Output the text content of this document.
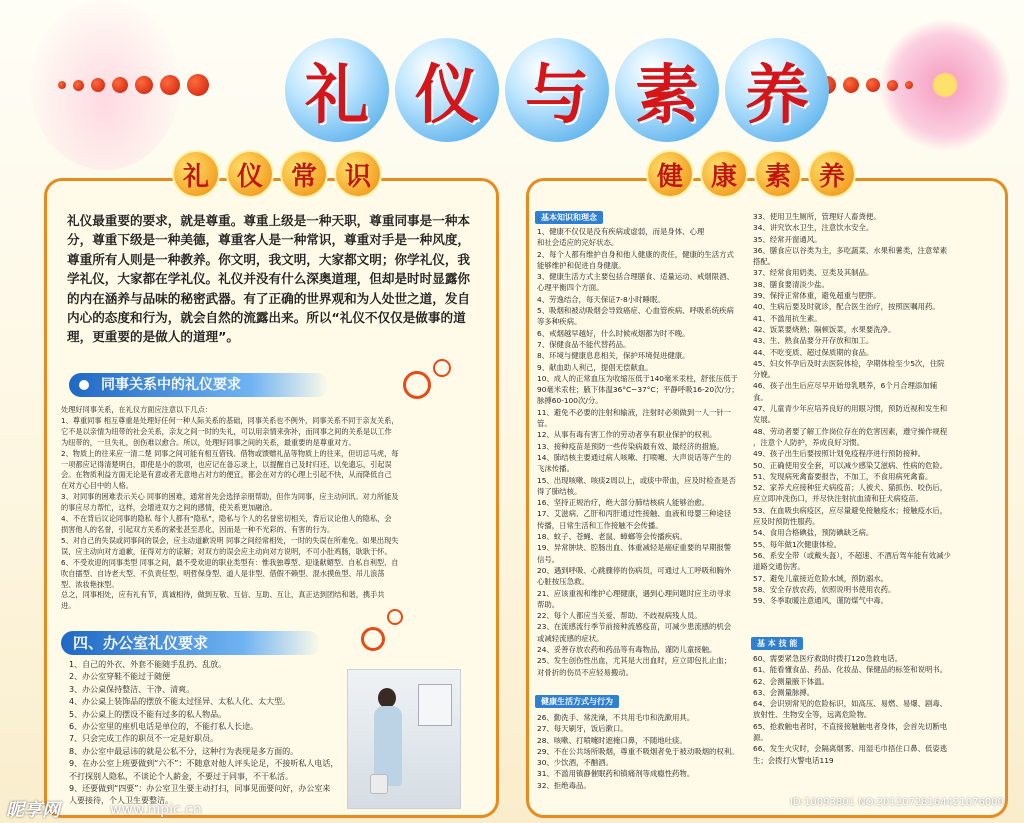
礼 仪 与 素 养
礼仪最重要的要求，就是尊重。尊重上级是一种天职，尊重同事是一种本分，尊重下级是一种美德，尊重客人是一种常识，尊重对手是一种风度，尊重所有人则是一种教养。你文明，我文明，大家都文明；你学礼仪，我学礼仪，大家都在学礼仪。礼仪并没有什么深奥道理，但却是时时显露你的内在涵养与品味的秘密武器。有了正确的世界观和为人处世之道，发自内心的态度和行为，就会自然的流露出来。所以“礼仪不仅仅是做事的道理，更重要的是做人的道理”。
同事关系中的礼仪要求
处理好同事关系，在礼仪方面应注意以下几点：
1、尊重同事 相互尊重是处理好任何一种人际关系的基础，同事关系也不例外，同事关系不同于亲友关系，
它不是以亲情为纽带的社会关系，亲友之间一时的失礼，可以用亲情来弥补，而同事之间的关系是以工作
为纽带的，一旦失礼，创伤难以愈合。所以，处理好同事之间的关系，最重要的是尊重对方。
2、物质上的往来应一清二楚 同事之间可能有相互借钱、借物或馈赠礼品等物质上的往来，但切忌马虎，每
一项都应记得清楚明白，即使是小的款项，也应记在备忘录上，以提醒自己及时归还，以免遗忘，引起误
会。在物质利益方面无论是有意或者无意地占对方的便宜，都会在对方的心理上引起不快，从而降低自己
在对方心目中的人格。
3、对同事的困难表示关心 同事的困难，通常首先会选择亲朋帮助，但作为同事，应主动问讯。对力所能及
的事应尽力帮忙，这样，会增进双方之间的感情，使关系更加融洽。
4、不在背后议论同事的隐私 每个人都有“隐私”，隐私与个人的名誉密切相关，背后议论他人的隐私，会
损害他人的名誉，引起双方关系的紧张甚至恶化，因而是一种不光彩的、有害的行为。
5、对自己的失误或同事间的误会，应主动道歉说明 同事之间经常相处，一时的失误在所难免。如果出现失
误，应主动向对方道歉，征得对方的谅解；对双方的误会应主动向对方说明，不可小肚鸡肠，耿耿于怀。
6、不受欢迎的同事类型 同事之间，最不受欢迎的职业类型有：惟我独尊型、迎逢献媚型、自私自利型、自
吹自擂型、自诗老大型、不负责任型、明哲保身型、道人是非型、借假不赖型、混水摸鱼型、吊儿浪荡
型、浓妆艳抹型。
总之，同事相处，应有礼有节，真诚相待，做到互敬、互信、互助、互让，真正达到团结和谐，携手共
进。
四、办公室礼仪要求
1、自己的外衣、外套不能随手乱扔、乱放。
2、办公室穿鞋不能过于随便
3、办公桌保持整洁、干净、清爽。
4、办公桌上装饰品的摆放不能太过怪异、太私人化、太大型。
5、办公桌上的摆设不能有过多的私人物品。
6、办公室里的座机电话是单位的，不能打私人长途。
7、只会完成工作的职员不一定是好职员。
8、办公室中最忌讳的就是公私不分，这种行为表现是多方面的。
9、在办公室上班要做到“六不”：不随意对他人评头论足，不接听私人电话，
不打探别人隐私，不谈论个人薪金，不要过于同事，不干私活。
9、还要做到“四要”：办公室卫生要主动打扫，同事见面要问好，办公室来
人要接待，个人卫生要整洁。
礼	仪	常	识
基本知识和理念
1、健康不仅仅是没有疾病或虚弱，而是身体、心理
和社会适应的完好状态。
2、每个人都有维护自身和他人健康的责任，健康的生活方式
能够维护和促进自身健康。
3、健康生活方式主要包括合理膳食、适量运动、戒烟限酒、
心理平衡四个方面。
4、劳逸结合，每天保证7-8小时睡眠。
5、吸烟和被动吸烟会导致癌症、心血管疾病、呼吸系统疾病
等多种疾病。
6、戒烟越早越好，什么时候戒烟都为时不晚。
7、保健食品不能代替药品。
8、环境与健康息息相关，保护环境促进健康。
9、献血助人利己，提倡无偿献血。
10、成人的正常血压为收缩压低于140毫米汞柱，舒张压低于
90毫米汞柱；腋下体温36°C~37°C；平静呼吸16-20次/分；
脉搏60-100次/分。
11、避免不必要的注射和输液，注射时必须做到一人一针一
管。
12、从事有毒有害工作的劳动者享有职业保护的权利。
13、接种疫苗是预防一些传染病最有效、最经济的措施。
14、肺结核主要通过病人咳嗽、打喷嚏、大声说话等产生的
飞沫传播。
15、出现咳嗽、咳痰2周以上，或痰中带血，应及时检查是否
得了肺结核。
16、坚持正规治疗，绝大部分肺结核病人能够治愈。
17、艾滋病、乙肝和丙肝通过性接触、血液和母婴三种途径
传播，日常生活和工作接触不会传播。
18、蚊子、苍蝇、老鼠、蟑螂等会传播疾病。
19、异常肿块、腔肠出血、体重减轻是癌症重要的早期报警
信号。
20、遇到呼吸、心跳骤停的伤病员，可通过人工呼吸和胸外
心脏按压急救。
21、应该重视和维护心理健康，遇到心理问题时应主动寻求
帮助。
22、每个人都应当关爱、帮助、不歧视病残人员。
23、在流感流行季节前接种流感疫苗，可减少患流感的机会
或减轻流感的症状。
24、妥善存放农药和药品等有毒物品，谨防儿童接触。
25、发生创伤性出血，尤其是大出血时，应立即包扎止血；
对骨折的伤员不应轻易搬动。
健康生活方式与行为
26、勤洗手、常洗澡，不共用毛巾和洗漱用具。
27、每天刷牙，饭后漱口。
28、咳嗽、打喷嚏时遮掩口鼻，不随地吐痰。
29、不在公共场所吸烟，尊重不吸烟者免于被动吸烟的权利。
30、少饮酒，不酗酒。
31、不滥用镇静催眠药和镇痛剂等成瘾性药物。
32、拒绝毒品。
33、使用卫生厕所，管理好人畜粪便。
34、讲究饮水卫生，注意饮水安全。
35、经常开窗通风。
36、膳食应以谷类为主，多吃蔬菜、水果和薯类，注意荤素
搭配。
37、经常食用奶类、豆类及其制品。
38、膳食要清淡少盐。
39、保持正常体重，避免超重与肥胖。
40、生病后要及时就诊，配合医生治疗，按照医嘱用药。
41、不滥用抗生素。
42、饭菜要烧熟；隔顿饭菜，水果要洗净。
43、生、熟食品要分开存放和加工。
44、不吃变质、超过保质期的食品。
45、妇女怀孕后及时去医院体检，孕期体检至少5次，住院
分娩。
46、孩子出生后应尽早开始母乳喂养，6个月合理添加辅
食。
47、儿童青少年应培养良好的用眼习惯，预防近视和发生和
发展。
48、劳动者要了解工作岗位存在的危害因素，遵守操作规程
，注意个人防护，养成良好习惯。
49、孩子出生后要按照计划免疫程序进行预防接种。
50、正确使用安全套，可以减少感染艾滋病、性病的危险。
51、发现病死禽畜要报告，不加工，不食用病死禽畜。
52、家养犬应接种狂犬病疫苗；人被犬、猫抓伤、咬伤后，
应立即冲洗伤口，并尽快注射抗血清和狂犬病疫苗。
53、在血吸虫病疫区，应尽量避免接触疫水；接触疫水后，
应及时预防性服药。
54、食用合格碘盐，预防碘缺乏病。
55、每年做1次健康体检。
56、系安全带（或戴头盔），不超速、不酒后驾车能有效减少
道路交通伤害。
57、避免儿童接近危险水域，预防溺水。
58、安全存放农药，依照说明书使用农药。
59、冬季取暖注意通风，谨防煤气中毒。
基 本 技 能
60、需要紧急医疗救助时拨打120急救电话。
61、能看懂食品、药品、化妆品、保健品的标签和说明书。
62、会测量腋下体温。
63、会测量脉搏。
64、会识别常见的危险标识，如高压、易燃、易爆、剧毒、
放射性、生物安全等，远离危险物。
65、抢救触电者时，不直接接触触电者身体，会首先切断电
源。
66、发生火灾时，会隔离烟雾、用湿毛巾捂住口鼻、低姿逃
生；会拨打火警电话119
健	康	素	养
昵享网	www.nipic.cn	ID:10093801 NO:20120728164421076000
